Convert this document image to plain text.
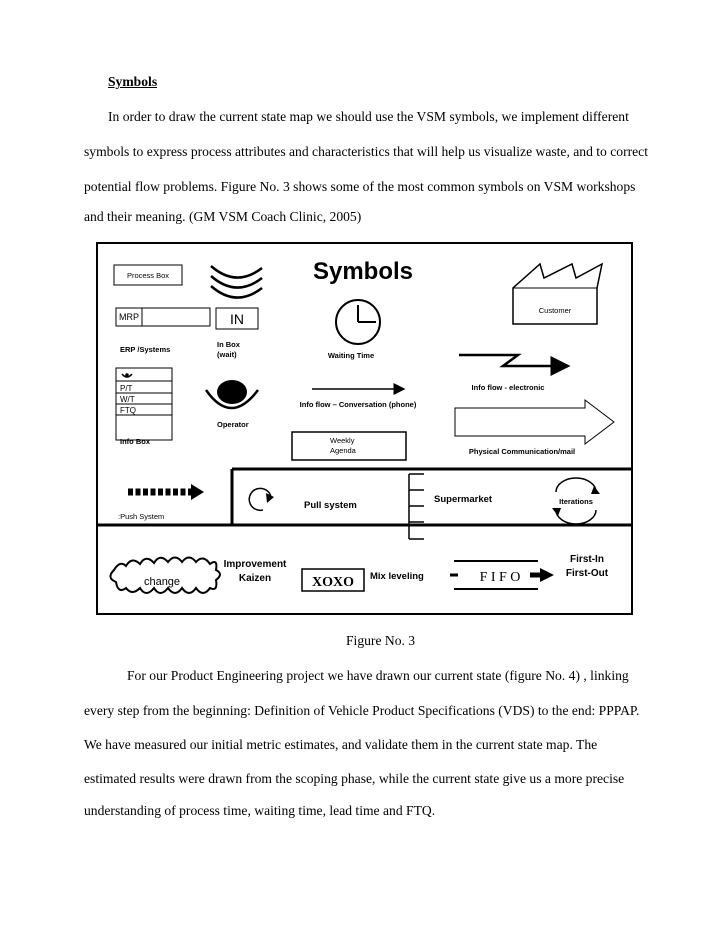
Symbols
In order to draw the current state map we should use the VSM symbols, we implement different
symbols to express process attributes and characteristics that will help us visualize waste, and to correct
potential flow problems. Figure No. 3 shows some of the most common symbols on VSM workshops
and their meaning. (GM VSM Coach Clinic, 2005)
Symbols
Process Box
MRP
ERP /Systems
IN
In Box
(wait)	Waiting Time
Customer
P/T
W/T
FTQ
Info Box
Operator
Info flow – Conversation (phone)
Info flow - electronic
Weekly
Agenda	Physical Communication/mail
:Push System
Pull system
Supermarket	Iterations
Improvement
Kaizen
change	XOXO Mix leveling	F I F O
First-In
First-Out
Figure No. 3
For our Product Engineering project we have drawn our current state (figure No. 4) , linking
every step from the beginning: Definition of Vehicle Product Specifications (VDS) to the end: PPPAP.
We have measured our initial metric estimates, and validate them in the current state map. The
estimated results were drawn from the scoping phase, while the current state give us a more precise
understanding of process time, waiting time, lead time and FTQ.
